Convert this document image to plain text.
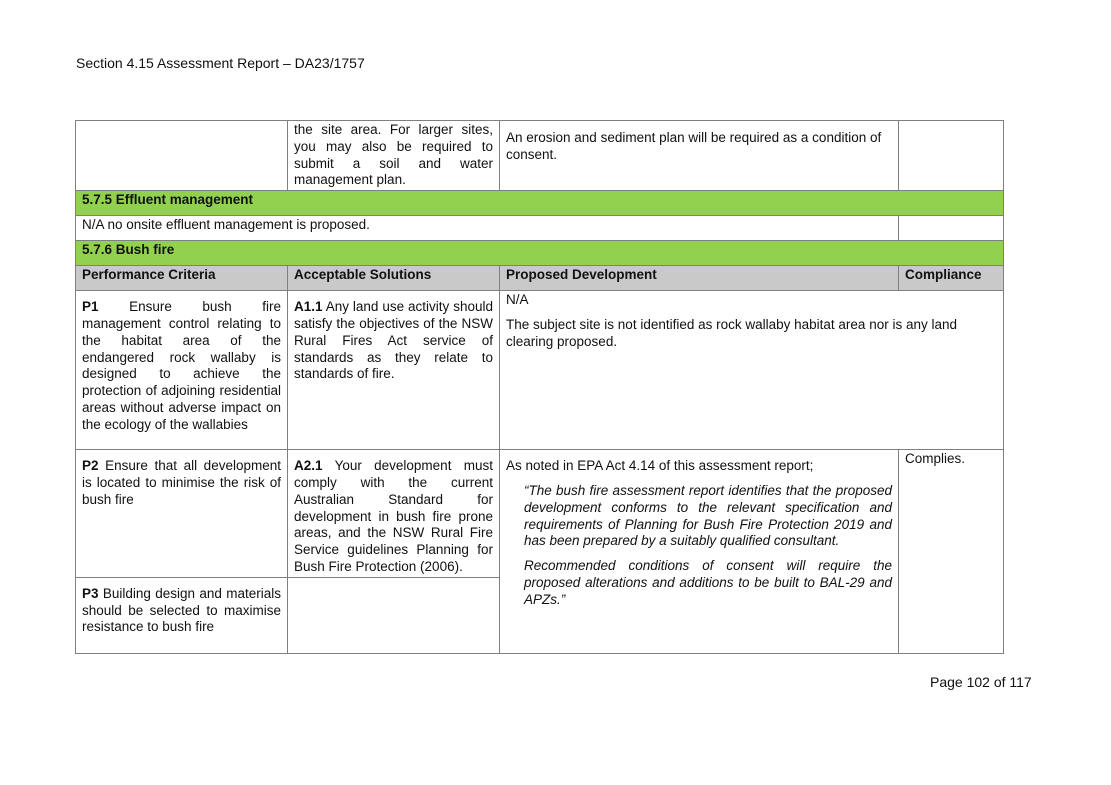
Section 4.15 Assessment Report – DA23/1757
	the site area. For larger sites, you may also be required to submit a soil and water management plan.	An erosion and sediment plan will be required as a condition of consent.	
5.7.5 Effluent management			
N/A no onsite effluent management is proposed.			
5.7.6 Bush fire			
Performance Criteria	Acceptable Solutions	Proposed Development	Compliance
P1 Ensure bush fire management control relating to the habitat area of the endangered rock wallaby is designed to achieve the protection of adjoining residential areas without adverse impact on the ecology of the wallabies	A1.1 Any land use activity should satisfy the objectives of the NSW Rural Fires Act service of standards as they relate to standards of fire.	N/A

The subject site is not identified as rock wallaby habitat area nor is any land clearing proposed.	

P2 Ensure that all development is located to minimise the risk of bush fire	A2.1 Your development must comply with the current Australian Standard for development in bush fire prone areas, and the NSW Rural Fire Service guidelines Planning for Bush Fire Protection (2006).	As noted in EPA Act 4.14 of this assessment report;

“The bush fire assessment report identifies that the proposed development conforms to the relevant specification and requirements of Planning for Bush Fire Protection 2019 and has been prepared by a suitably qualified consultant.

Recommended conditions of consent will require the proposed alterations and additions to be built to BAL-29 and APZs.”	Complies.
P3 Building design and materials should be selected to maximise resistance to bush fire			
Page 102 of 117
